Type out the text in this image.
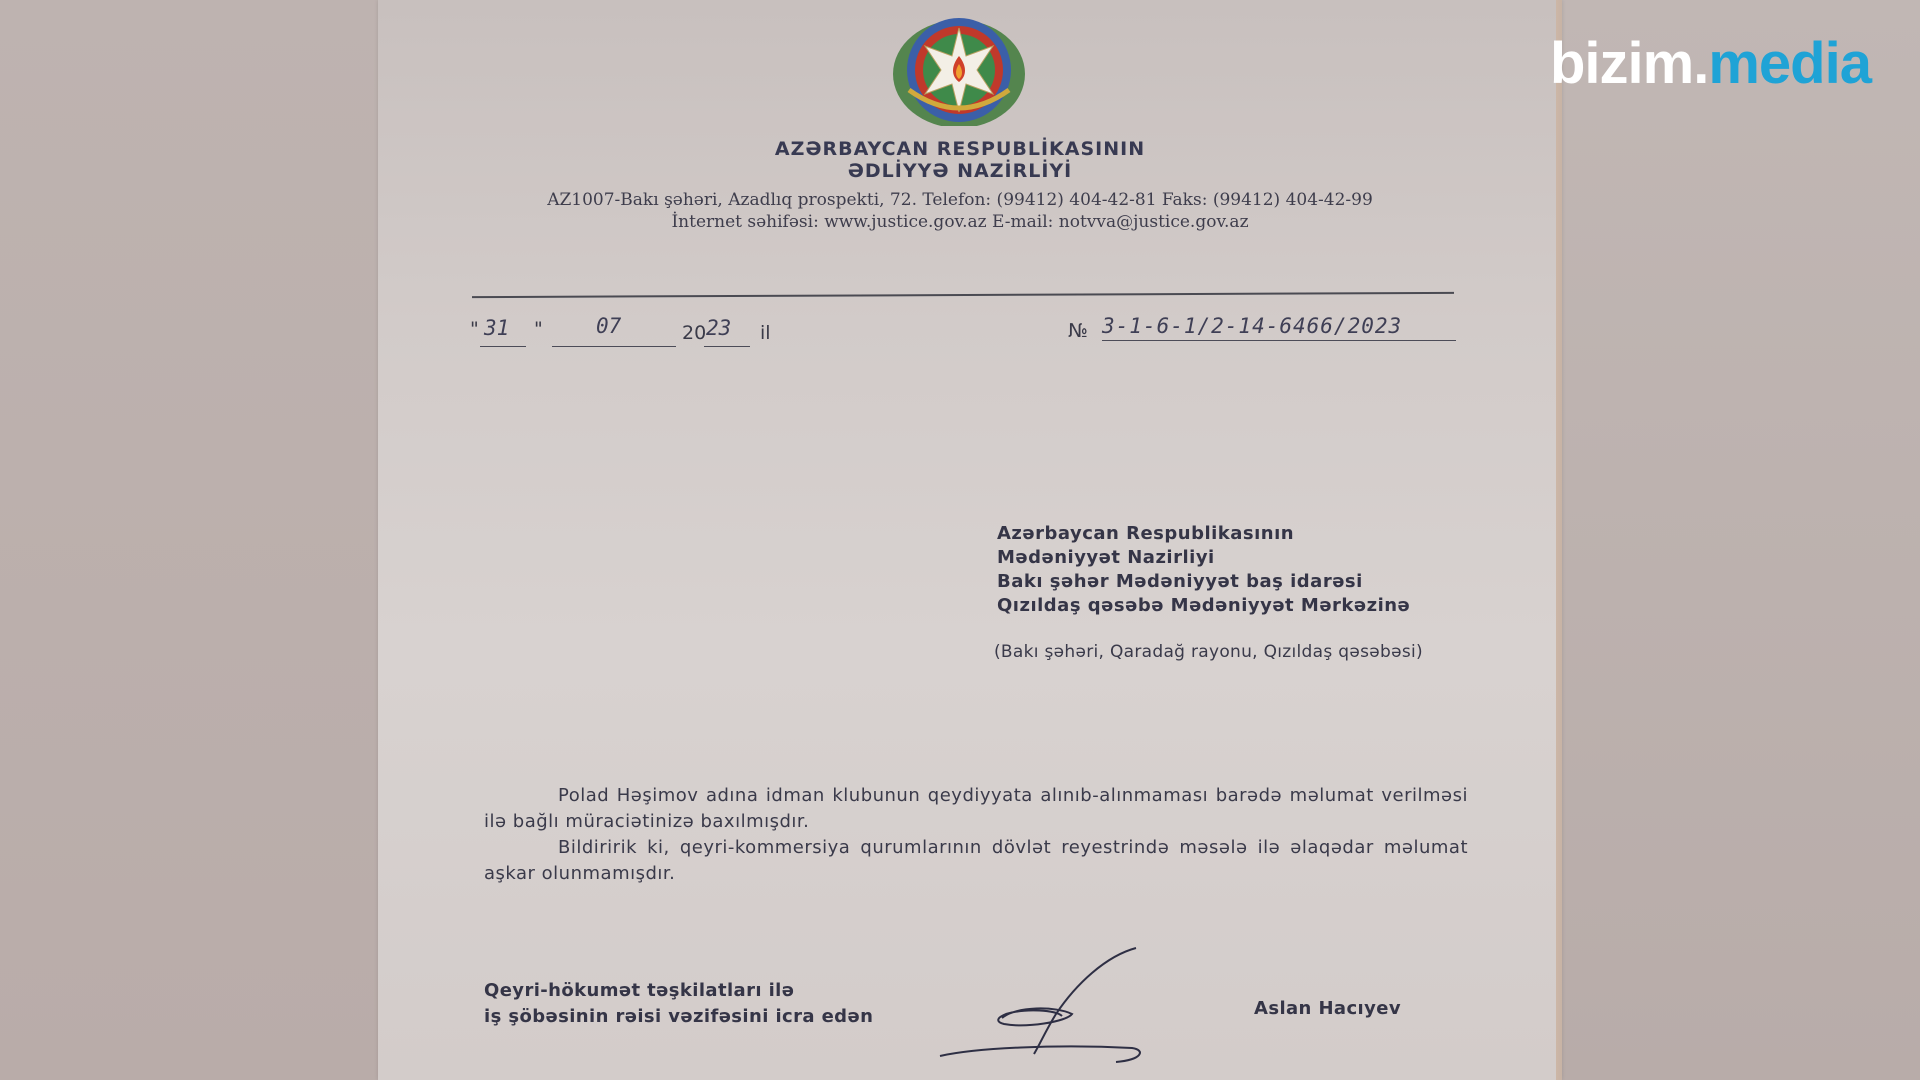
AZƏRBAYCAN RESPUBLİKASININ
ƏDLİYYƏ NAZİRLİYİ
AZ1007-Bakı şəhəri, Azadlıq prospekti, 72. Telefon: (99412) 404-42-81 Faks: (99412) 404-42-99
İnternet səhifəsi: www.justice.gov.az E-mail: notvva@justice.gov.az
" 31 "	07	20 23 il	№ 3-1-6-1/2-14-6466/2023
Azərbaycan Respublikasının
Mədəniyyət Nazirliyi
Bakı şəhər Mədəniyyət baş idarəsi
Qızıldaş qəsəbə Mədəniyyət Mərkəzinə
(Bakı şəhəri, Qaradağ rayonu, Qızıldaş qəsəbəsi)

Polad Həşimov adına idman klubunun qeydiyyata alınıb-alınmaması barədə məlumat verilməsi ilə bağlı müraciətinizə baxılmışdır.

Bildiririk ki, qeyri-kommersiya qurumlarının dövlət reyestrində məsələ ilə əlaqədar məlumat aşkar olunmamışdır.

Qeyri-hökumət təşkilatları ilə
iş şöbəsinin rəisi vəzifəsini icra edən	Aslan Hacıyev
bizim.media
